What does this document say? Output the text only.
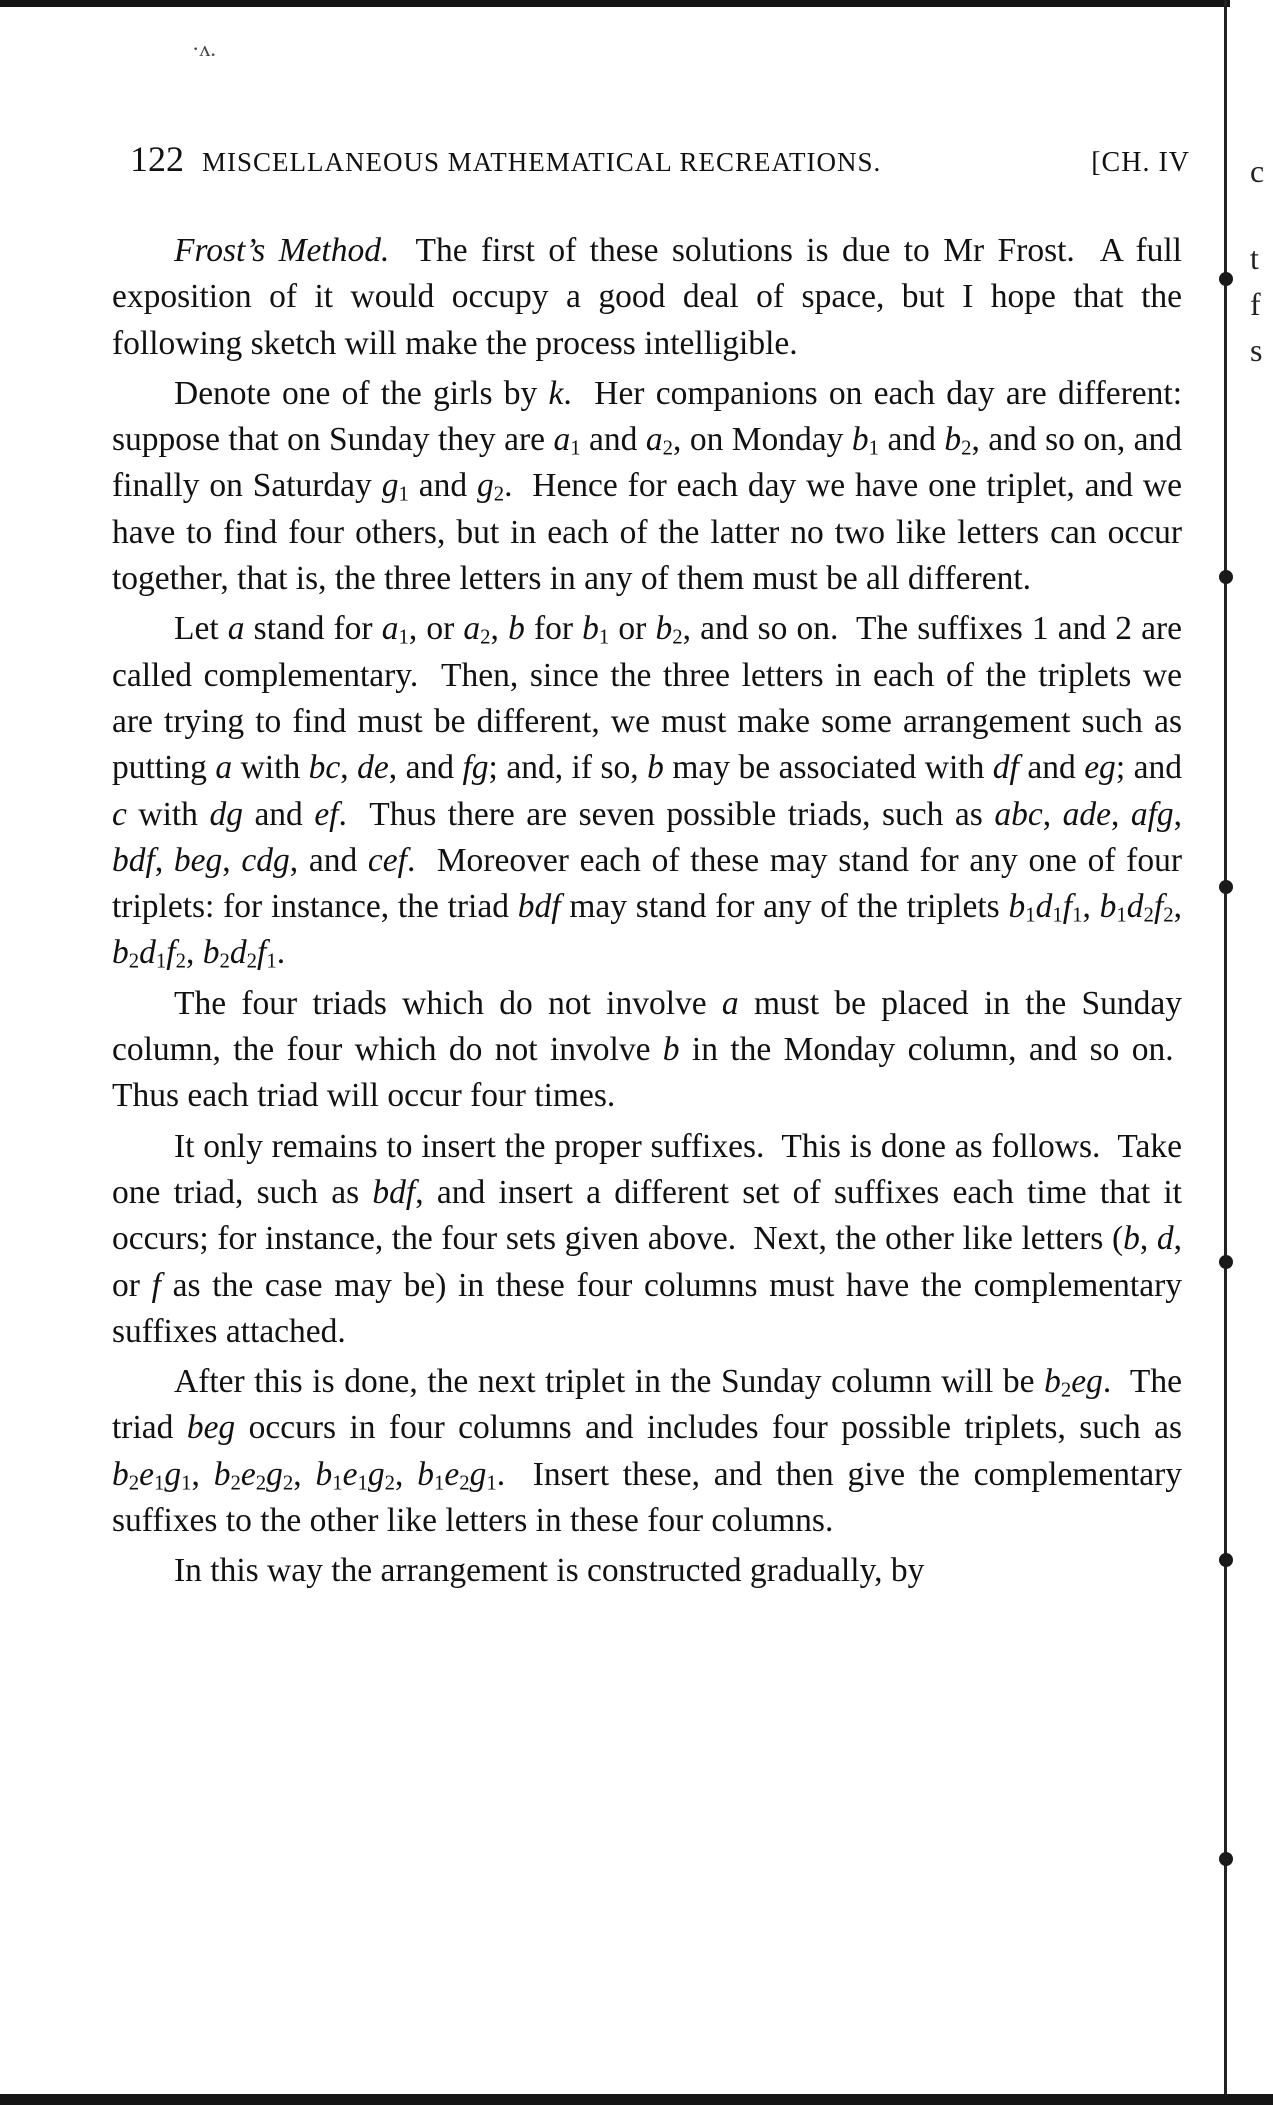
·ʌ.
c
t
f
s
122 MISCELLANEOUS MATHEMATICAL RECREATIONS.	[CH. IV

Frost’s Method.  The first of these solutions is due to Mr Frost.  A full exposition of it would occupy a good deal of space, but I hope that the following sketch will make the process intelligible.

Denote one of the girls by k.  Her companions on each day are different: suppose that on Sunday they are $a_1$ and $a_2$, on Monday $b_1$ and $b_2$, and so on, and finally on Saturday $g_1$ and $g_2$.  Hence for each day we have one triplet, and we have to find four others, but in each of the latter no two like letters can occur together, that is, the three letters in any of them must be all different.

Let a stand for $a_1$, or $a_2$, b for $b_1$ or $b_2$, and so on.  The suffixes 1 and 2 are called complementary.  Then, since the three letters in each of the triplets we are trying to find must be different, we must make some arrangement such as putting a with bc, de, and fg; and, if so, b may be associated with df and eg; and c with dg and ef.  Thus there are seven possible triads, such as abc, ade, afg, bdf, beg, cdg, and cef.  Moreover each of these may stand for any one of four triplets: for instance, the triad bdf may stand for any of the triplets $b_1d_1f_1$, $b_1d_2f_2$, $b_2d_1f_2$, $b_2d_2f_1$.

The four triads which do not involve a must be placed in the Sunday column, the four which do not involve b in the Monday column, and so on.  Thus each triad will occur four times.

It only remains to insert the proper suffixes.  This is done as follows.  Take one triad, such as bdf, and insert a different set of suffixes each time that it occurs; for instance, the four sets given above.  Next, the other like letters (b, d, or f as the case may be) in these four columns must have the complementary suffixes attached.

After this is done, the next triplet in the Sunday column will be $b_2eg$.  The triad beg occurs in four columns and includes four possible triplets, such as $b_2e_1g_1$, $b_2e_2g_2$, $b_1e_1g_2$, $b_1e_2g_1$.  Insert these, and then give the complementary suffixes to the other like letters in these four columns.

In this way the arrangement is constructed gradually, by
